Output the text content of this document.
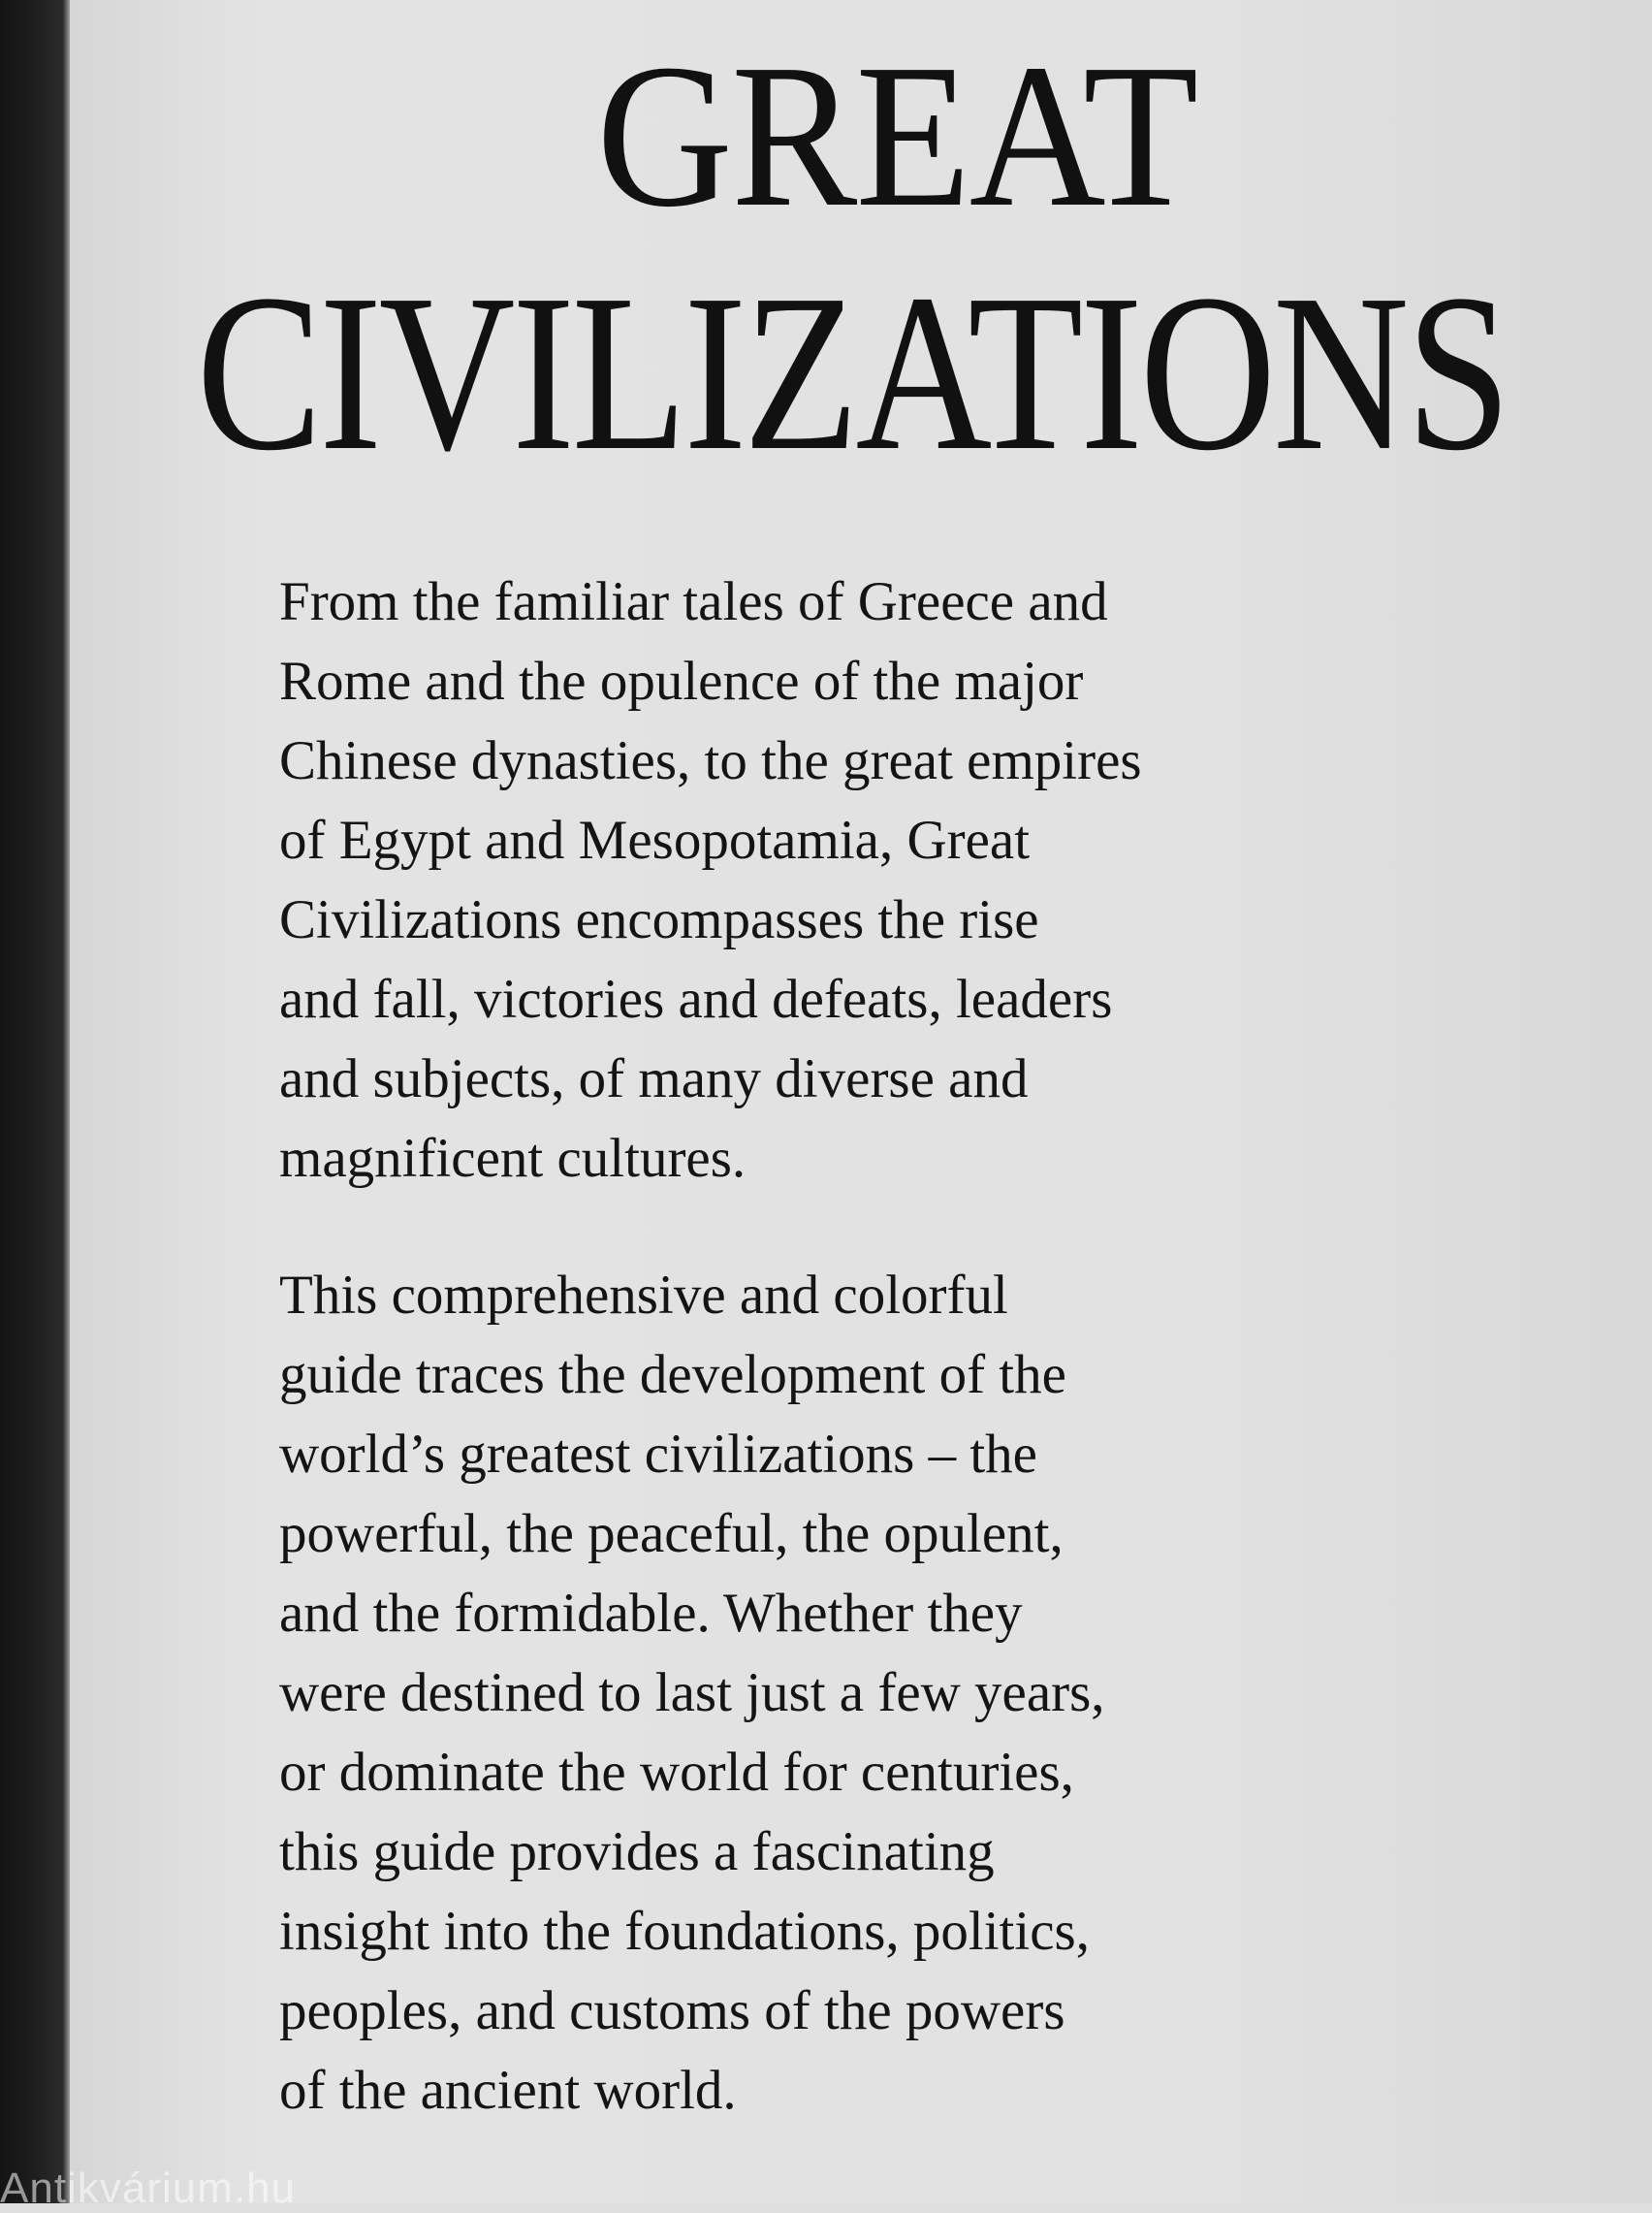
GREAT
CIVILIZATIONS
From the familiar tales of Greece and
Rome and the opulence of the major
Chinese dynasties, to the great empires
of Egypt and Mesopotamia, Great
Civilizations encompasses the rise
and fall, victories and defeats, leaders
and subjects, of many diverse and
magnificent cultures.
This comprehensive and colorful
guide traces the development of the
world’s greatest civilizations – the
powerful, the peaceful, the opulent,
and the formidable. Whether they
were destined to last just a few years,
or dominate the world for centuries,
this guide provides a fascinating
insight into the foundations, politics,
peoples, and customs of the powers
of the ancient world.
Antikvárium.hu
